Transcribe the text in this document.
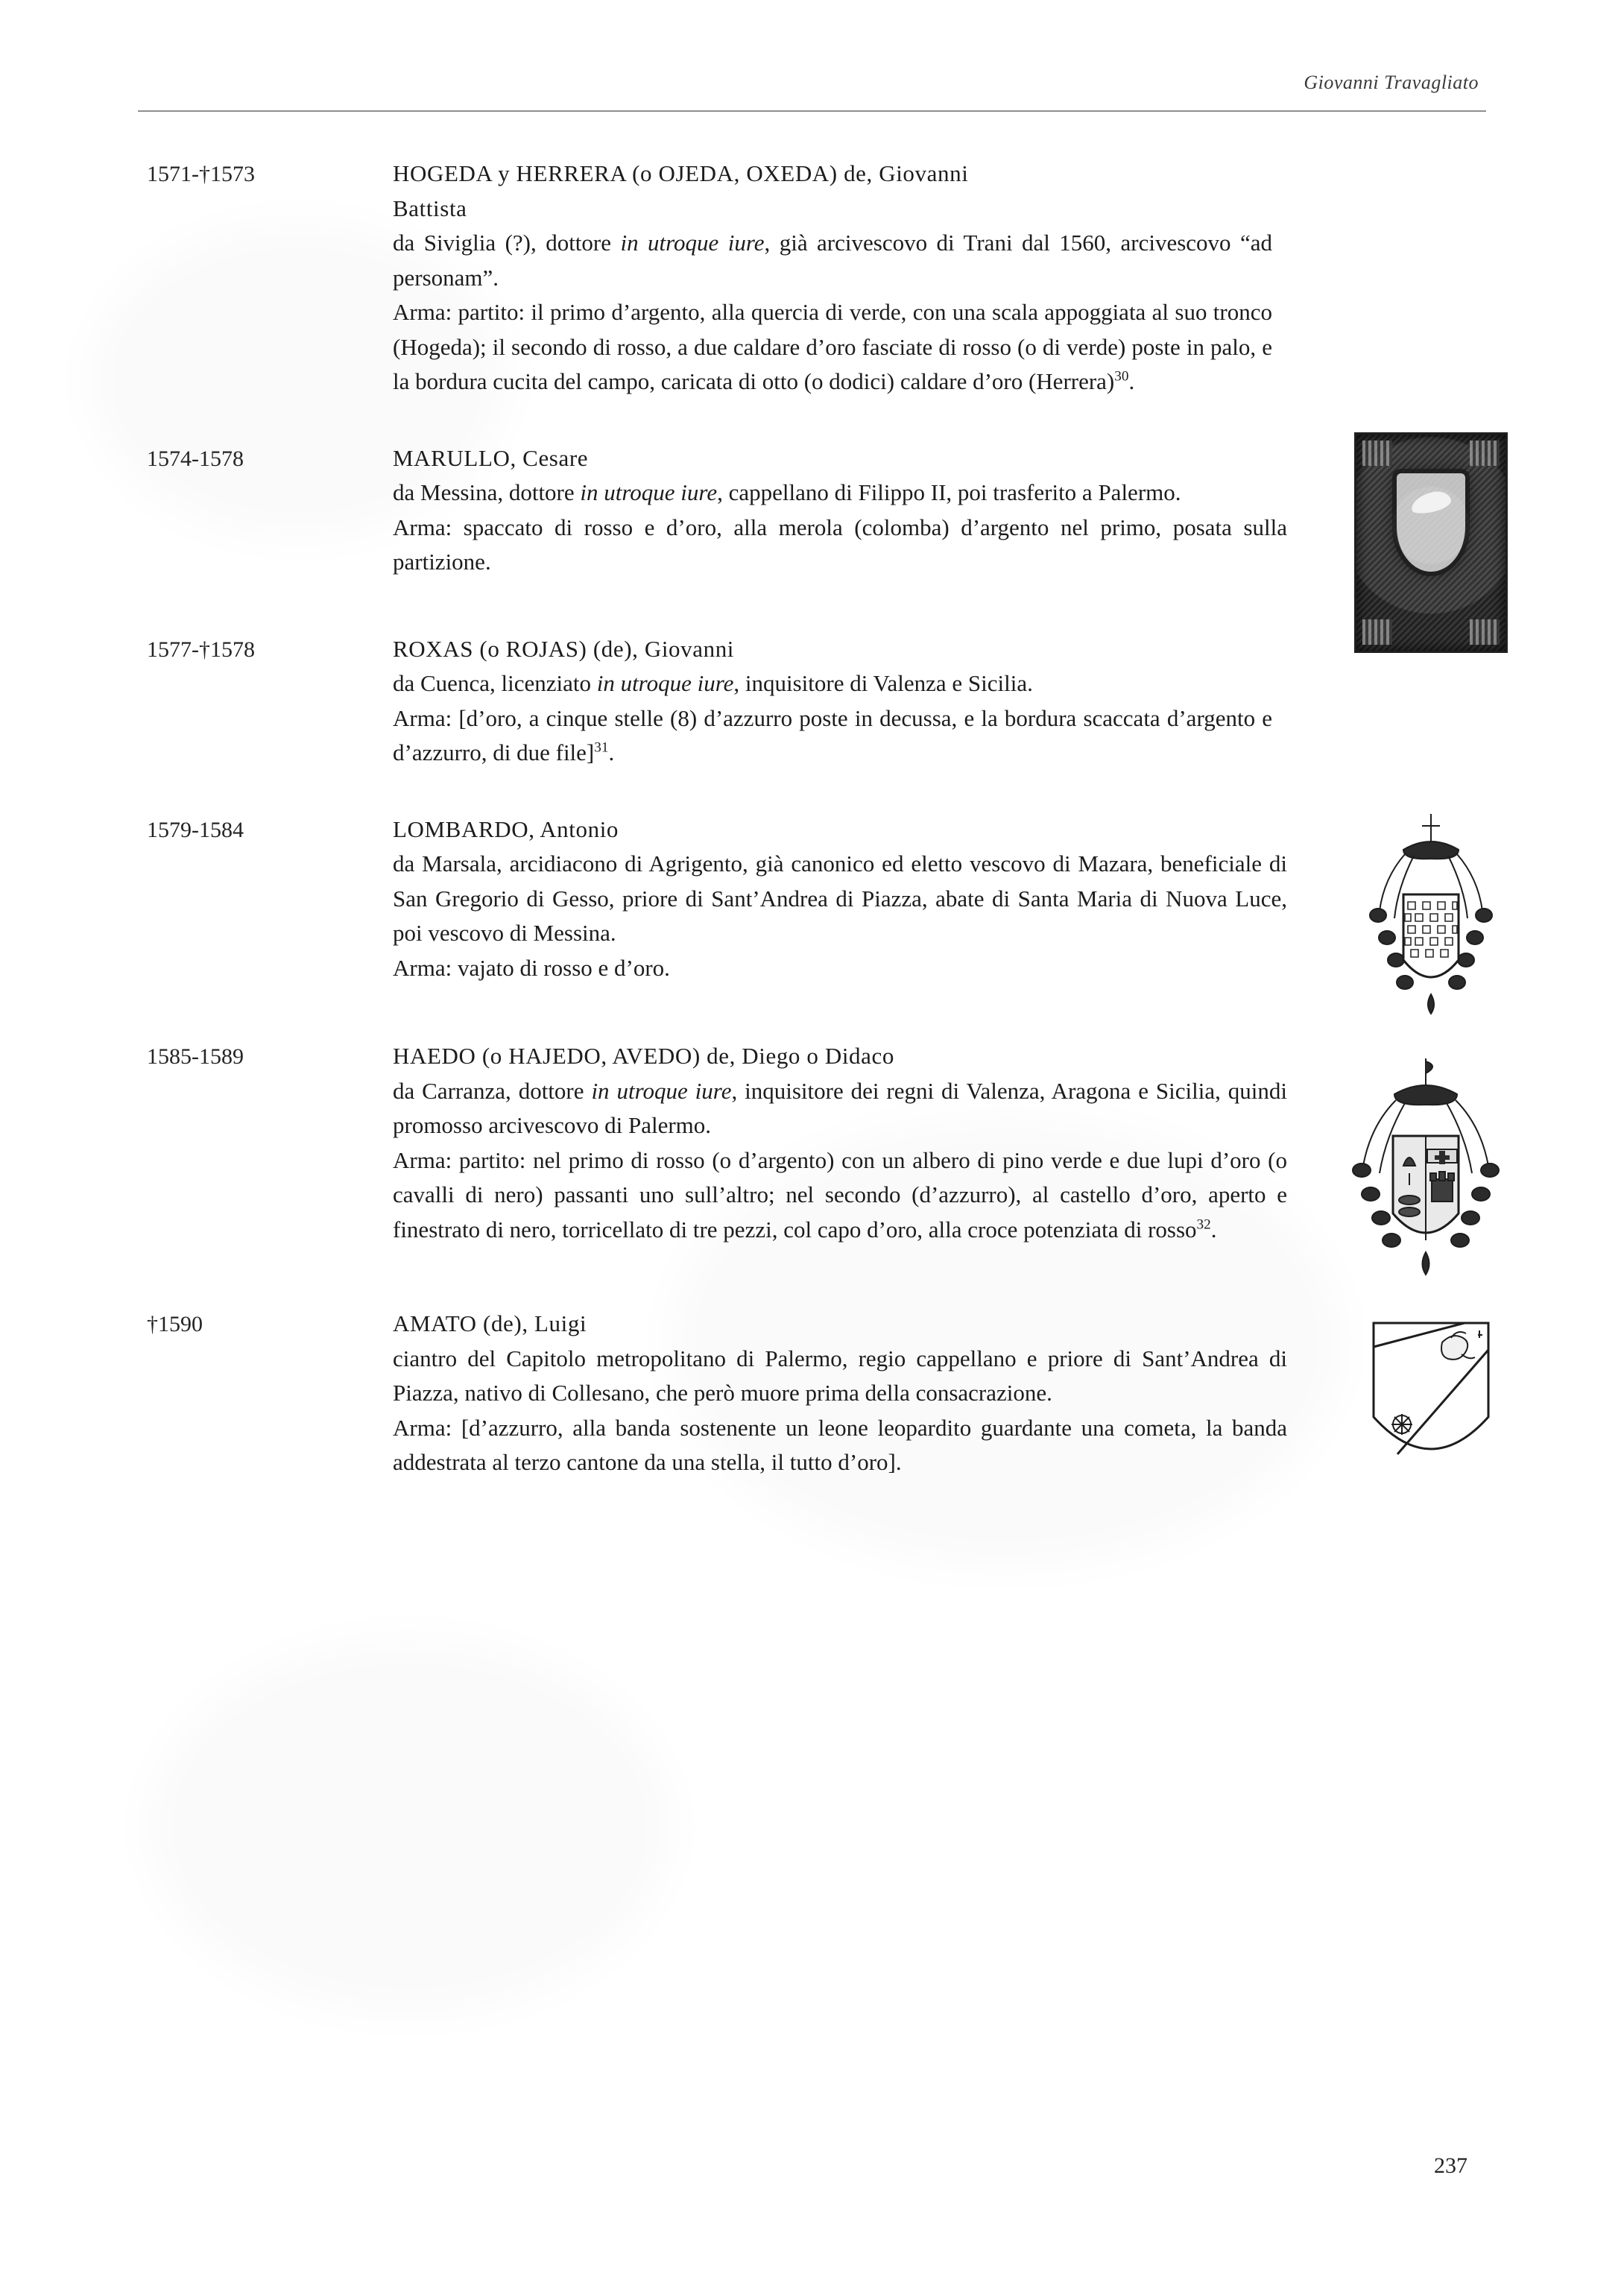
Giovanni Travagliato
1571-†1573	HOGEDA y HERRERA (o OJEDA, OXEDA) de, Giovanni

Battista

da Siviglia (?), dottore in utroque iure, già arcivescovo di Trani dal 1560, arcivescovo “ad personam”.

Arma: partito: il primo d’argento, alla quercia di verde, con una scala appoggiata al suo tronco (Hogeda); il secondo di rosso, a due caldare d’oro fasciate di rosso (o di verde) poste in palo, e la bordura cucita del campo, caricata di otto (o dodici) caldare d’oro (Herrera)$^{30}$.

1574-1578	MARULLO, Cesare

da Messina, dottore in utroque iure, cappellano di Filippo II, poi trasferito a Palermo.

Arma: spaccato di rosso e d’oro, alla merola (colomba) d’argento nel primo, posata sulla partizione.

1577-†1578	ROXAS (o ROJAS) (de), Giovanni

da Cuenca, licenziato in utroque iure, inquisitore di Valenza e Sicilia.

Arma: [d’oro, a cinque stelle (8) d’azzurro poste in decussa, e la bordura scaccata d’argento e d’azzurro, di due file]$^{31}$.

1579-1584	LOMBARDO, Antonio

da Marsala, arcidiacono di Agrigento, già canonico ed eletto vescovo di Mazara, beneficiale di San Gregorio di Gesso, priore di Sant’Andrea di Piazza, abate di Santa Maria di Nuova Luce, poi vescovo di Messina.

Arma: vajato di rosso e d’oro.

1585-1589	HAEDO (o HAJEDO, AVEDO) de, Diego o Didaco

da Carranza, dottore in utroque iure, inquisitore dei regni di Valenza, Aragona e Sicilia, quindi promosso arcivescovo di Palermo.

Arma: partito: nel primo di rosso (o d’argento) con un albero di pino verde e due lupi d’oro (o cavalli di nero) passanti uno sull’altro; nel secondo (d’azzurro), al castello d’oro, aperto e finestrato di nero, torricellato di tre pezzi, col capo d’oro, alla croce potenziata di rosso$^{32}$.

†1590	AMATO (de), Luigi

ciantro del Capitolo metropolitano di Palermo, regio cappellano e priore di Sant’Andrea di Piazza, nativo di Collesano, che però muore prima della consacrazione.

Arma: [d’azzurro, alla banda sostenente un leone leopardito guardante una cometa, la banda addestrata al terzo cantone da una stella, il tutto d’oro].

237
